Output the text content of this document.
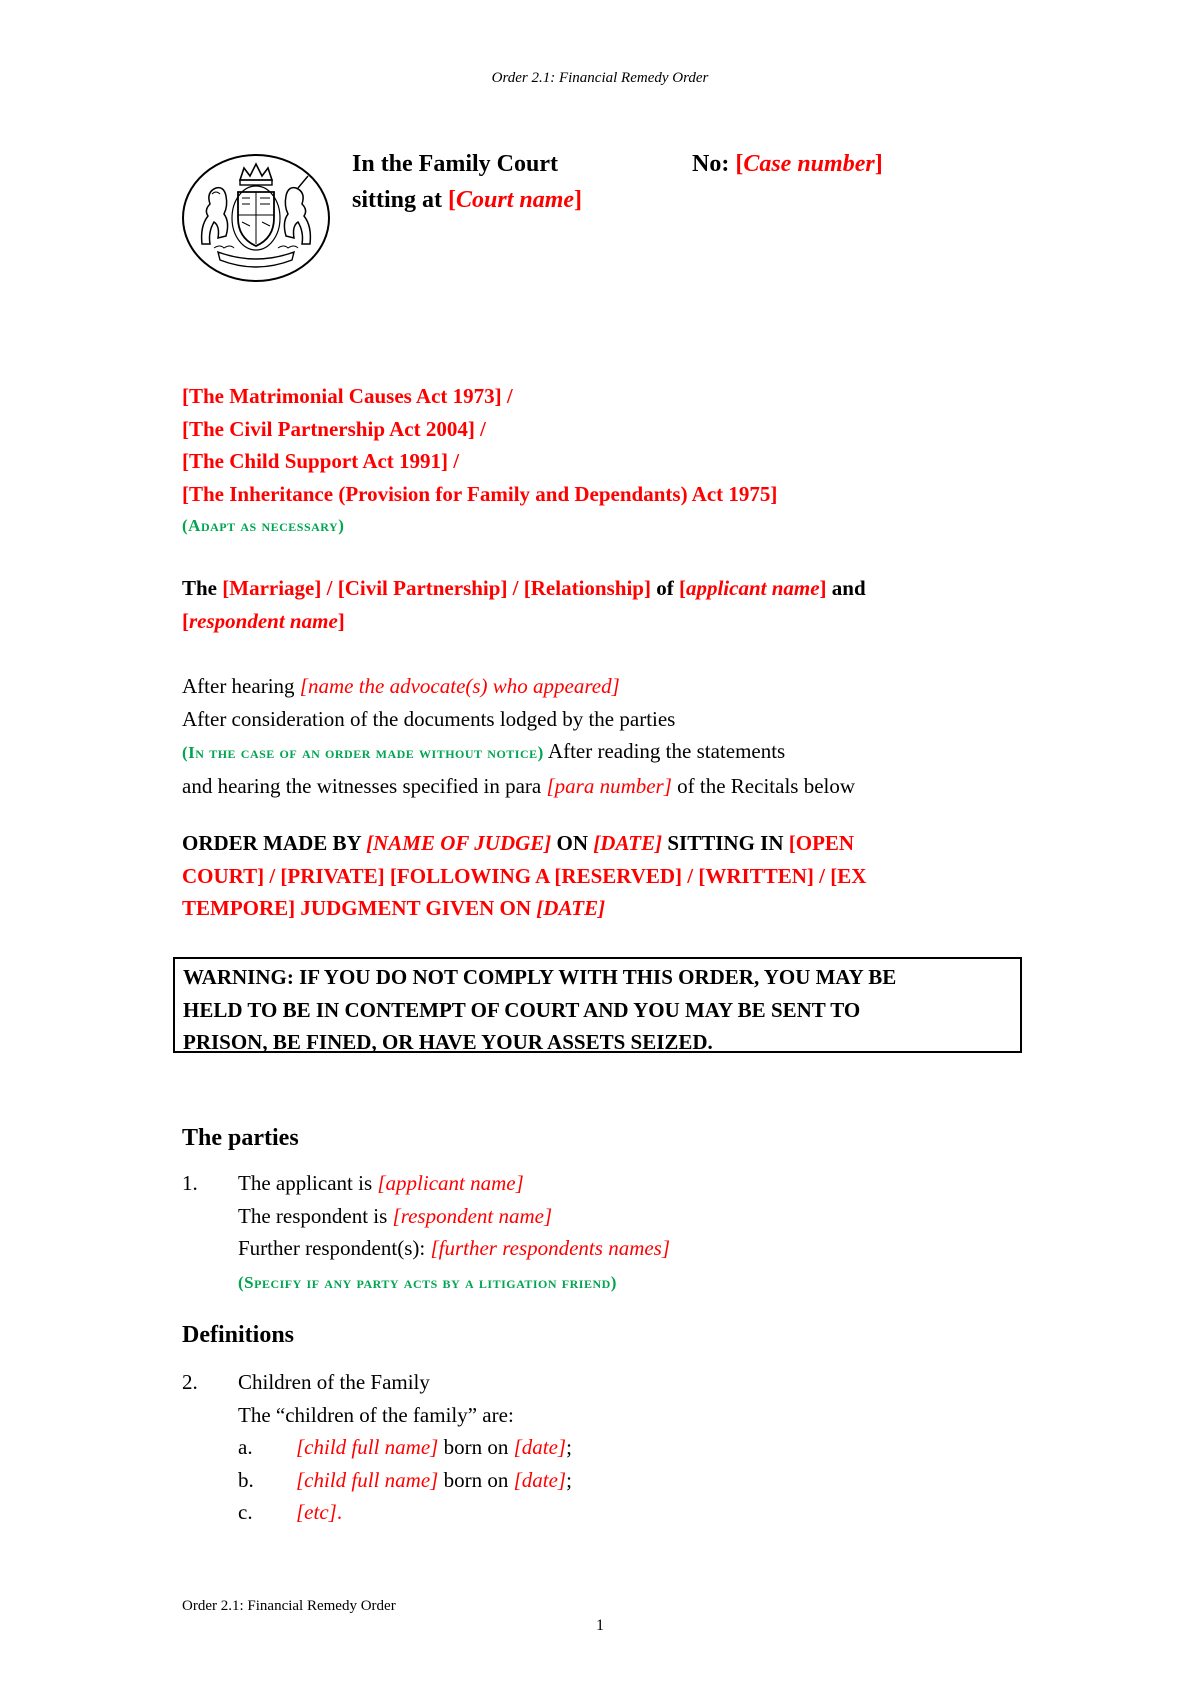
Order 2.1: Financial Remedy Order
In the Family Court
sitting at [Court name]
No: [Case number]
[The Matrimonial Causes Act 1973] /
[The Civil Partnership Act 2004] /
[The Child Support Act 1991] /
[The Inheritance (Provision for Family and Dependants) Act 1975]
(Adapt as necessary)
The [Marriage] / [Civil Partnership] / [Relationship] of [applicant name] and
[respondent name]
After hearing [name the advocate(s) who appeared]
After consideration of the documents lodged by the parties
(In the case of an order made without notice) After reading the statements
and hearing the witnesses specified in para [para number] of the Recitals below
ORDER MADE BY [NAME OF JUDGE] ON [DATE] SITTING IN [OPEN
COURT] / [PRIVATE] [FOLLOWING A [RESERVED] / [WRITTEN] / [EX
TEMPORE] JUDGMENT GIVEN ON [DATE]
WARNING: IF YOU DO NOT COMPLY WITH THIS ORDER, YOU MAY BE
HELD TO BE IN CONTEMPT OF COURT AND YOU MAY BE SENT TO
PRISON, BE FINED, OR HAVE YOUR ASSETS SEIZED.
The parties
1. The applicant is [applicant name]
The respondent is [respondent name]
Further respondent(s): [further respondents names]
(Specify if any party acts by a litigation friend)
Definitions
2. Children of the Family
The “children of the family” are:
a. [child full name] born on [date];
b. [child full name] born on [date];
c. [etc].
Order 2.1: Financial Remedy Order
1
